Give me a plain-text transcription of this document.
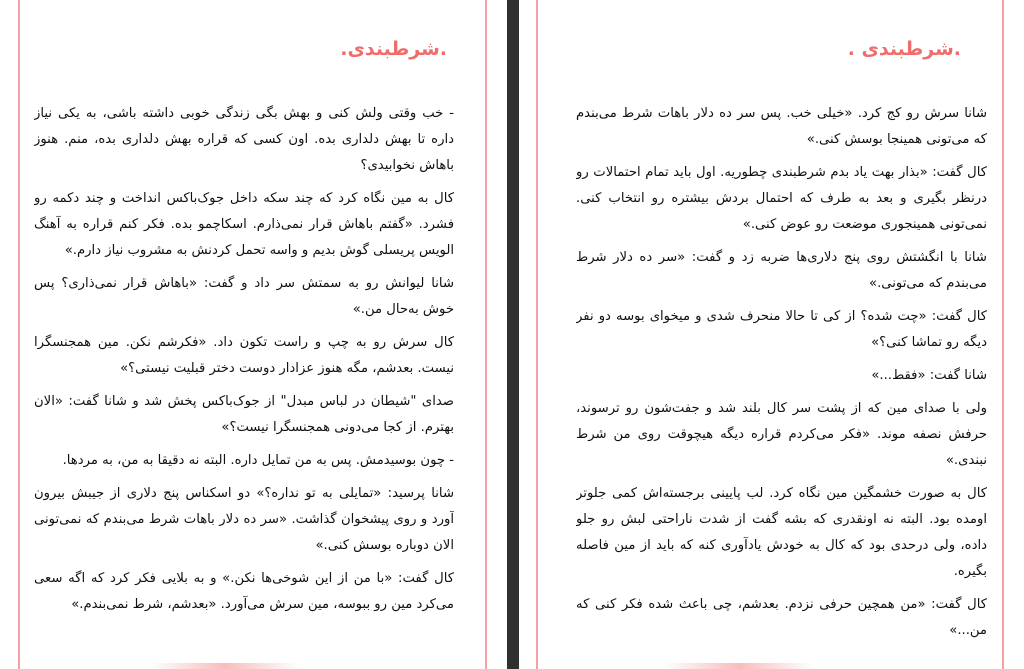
.شرطبندی.

- خب وقتی ولش کنی و بهش بگی زندگی خوبی داشته باشی، به یکی نیاز داره تا بهش دلداری بده. اون کسی که قراره بهش دلداری بده، منم. هنوز باهاش نخوابیدی؟

کال به مین نگاه کرد که چند سکه داخل جوک‌باکس انداخت و چند دکمه رو فشرد. «گفتم باهاش قرار نمی‌ذارم. اسکاچمو بده. فکر کنم قراره به آهنگ الویس پریسلی گوش بدیم و واسه تحمل کردنش به مشروب نیاز دارم.»

شانا لیوانش رو به سمتش سر داد و گفت: «باهاش قرار نمی‌ذاری؟ پس خوش به‌حال من.»

کال سرش رو به چپ و راست تکون داد. «فکرشم نکن. مین همجنسگرا نیست. بعدشم، مگه هنوز عزادار دوست دختر قبلیت نیستی؟»

صدای "شیطان در لباس مبدل" از جوک‌باکس پخش شد و شانا گفت: «الان بهترم. از کجا می‌دونی همجنسگرا نیست؟»

- چون بوسیدمش. پس به من تمایل داره. البته نه دقیقا به من، به مردها.

شانا پرسید: «تمایلی به تو نداره؟» دو اسکناس پنج دلاری از جیبش بیرون آورد و روی پیشخوان گذاشت. «سر ده دلار باهات شرط می‌بندم که نمی‌تونی الان دوباره بوسش کنی.»

کال گفت: «با من از این شوخی‌ها نکن.» و به بلایی فکر کرد که اگه سعی می‌کرد مین رو ببوسه، مین سرش می‌آورد. «بعدشم، شرط نمی‌بندم.»

.شرطبندی .

شانا سرش رو کج کرد. «خیلی خب. پس سر ده دلار باهات شرط می‌بندم که می‌تونی همینجا بوسش کنی.»

کال گفت: «بذار بهت یاد بدم شرطبندی چطوریه. اول باید تمام احتمالات رو درنظر بگیری و بعد به طرف که احتمال بردش بیشتره رو انتخاب کنی. نمی‌تونی همینجوری موضعت رو عوض کنی.»

شانا با انگشتش روی پنج دلاری‌ها ضربه زد و گفت: «سر ده دلار شرط می‌بندم که می‌تونی.»

کال گفت: «چت شده؟ از کی تا حالا منحرف شدی و میخوای بوسه دو نفر دیگه رو تماشا کنی؟»

شانا گفت: «فقط...»

ولی با صدای مین که از پشت سر کال بلند شد و جفت‌شون رو ترسوند، حرفش نصفه موند. «فکر می‌کردم قراره دیگه هیچوقت روی من شرط نبندی.»

کال به صورت خشمگین مین نگاه کرد. لب پایینی برجسته‌اش کمی جلوتر اومده بود. البته نه اونقدری که بشه گفت از شدت ناراحتی لبش رو جلو داده، ولی درحدی بود که کال به خودش یادآوری کنه که باید از مین فاصله بگیره.

کال گفت: «من همچین حرفی نزدم. بعدشم، چی باعث شده فکر کنی که من...»
